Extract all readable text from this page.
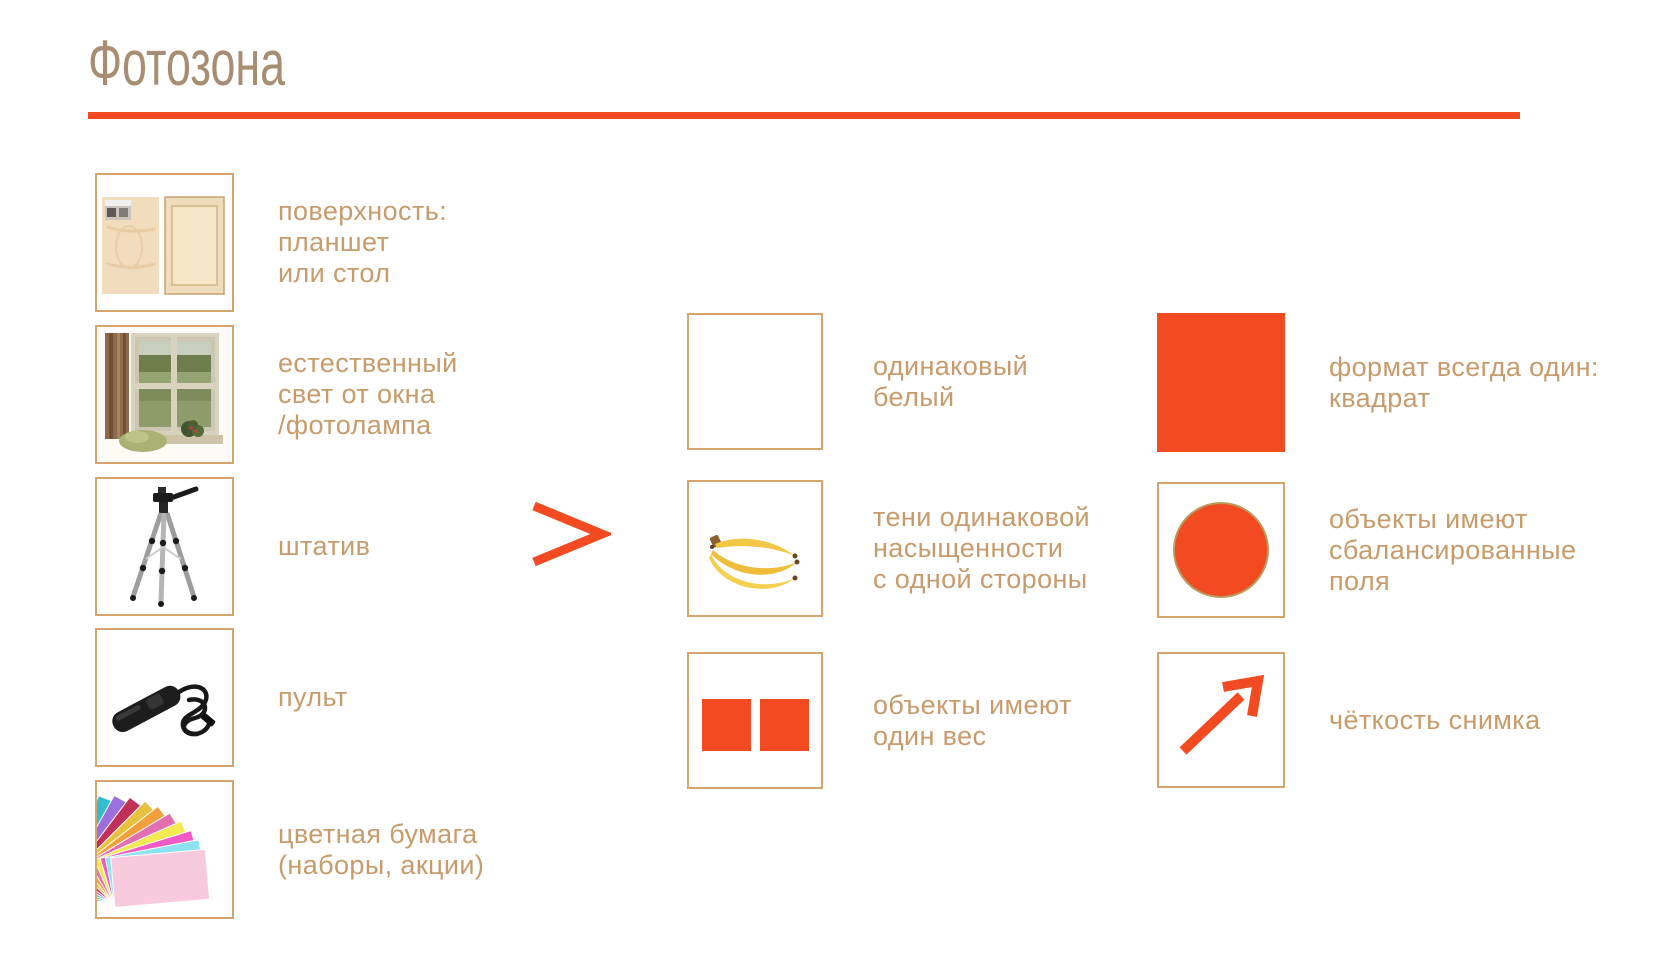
Фотозона
поверхность:
планшет
или стол
естественный
свет от окна
/фотолампа
штатив
пульт
цветная бумага
(наборы, акции)
одинаковый
белый
тени одинаковой
насыщенности
с одной стороны
объекты имеют
один вес
формат всегда один:
квадрат
объекты имеют
сбалансированные
поля
чёткость снимка
